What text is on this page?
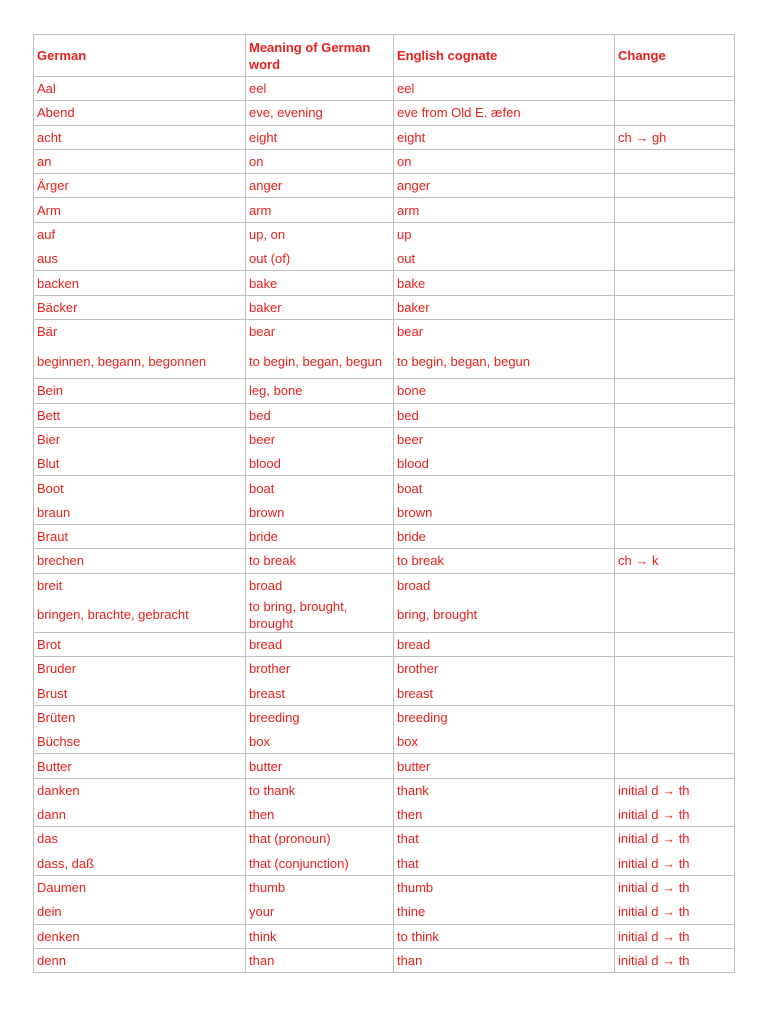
German	Meaning of German word	English cognate	Change
Aal	eel	eel	
Abend	eve, evening	eve from Old E. æfen	
acht	eight	eight	ch → gh
an	on	on	
Ärger	anger	anger	
Arm	arm	arm	
auf	up, on	up	
aus	out (of)	out	
backen	bake	bake	
Bäcker	baker	baker	
Bär	bear	bear	
beginnen, begann, begonnen	to begin, began, begun	to begin, began, begun	
Bein	leg, bone	bone	
Bett	bed	bed	
Bier	beer	beer	
Blut	blood	blood	
Boot	boat	boat	
braun	brown	brown	
Braut	bride	bride	
brechen	to break	to break	ch → k
breit	broad	broad	
bringen, brachte, gebracht	to bring, brought, brought	bring, brought	
Brot	bread	bread	
Bruder	brother	brother	
Brust	breast	breast	
Brüten	breeding	breeding	
Büchse	box	box	
Butter	butter	butter	
danken	to thank	thank	initial d → th
dann	then	then	initial d → th
das	that (pronoun)	that	initial d → th
dass, daß	that (conjunction)	that	initial d → th
Daumen	thumb	thumb	initial d → th
dein	your	thine	initial d → th
denken	think	to think	initial d → th
denn	than	than	initial d → th
